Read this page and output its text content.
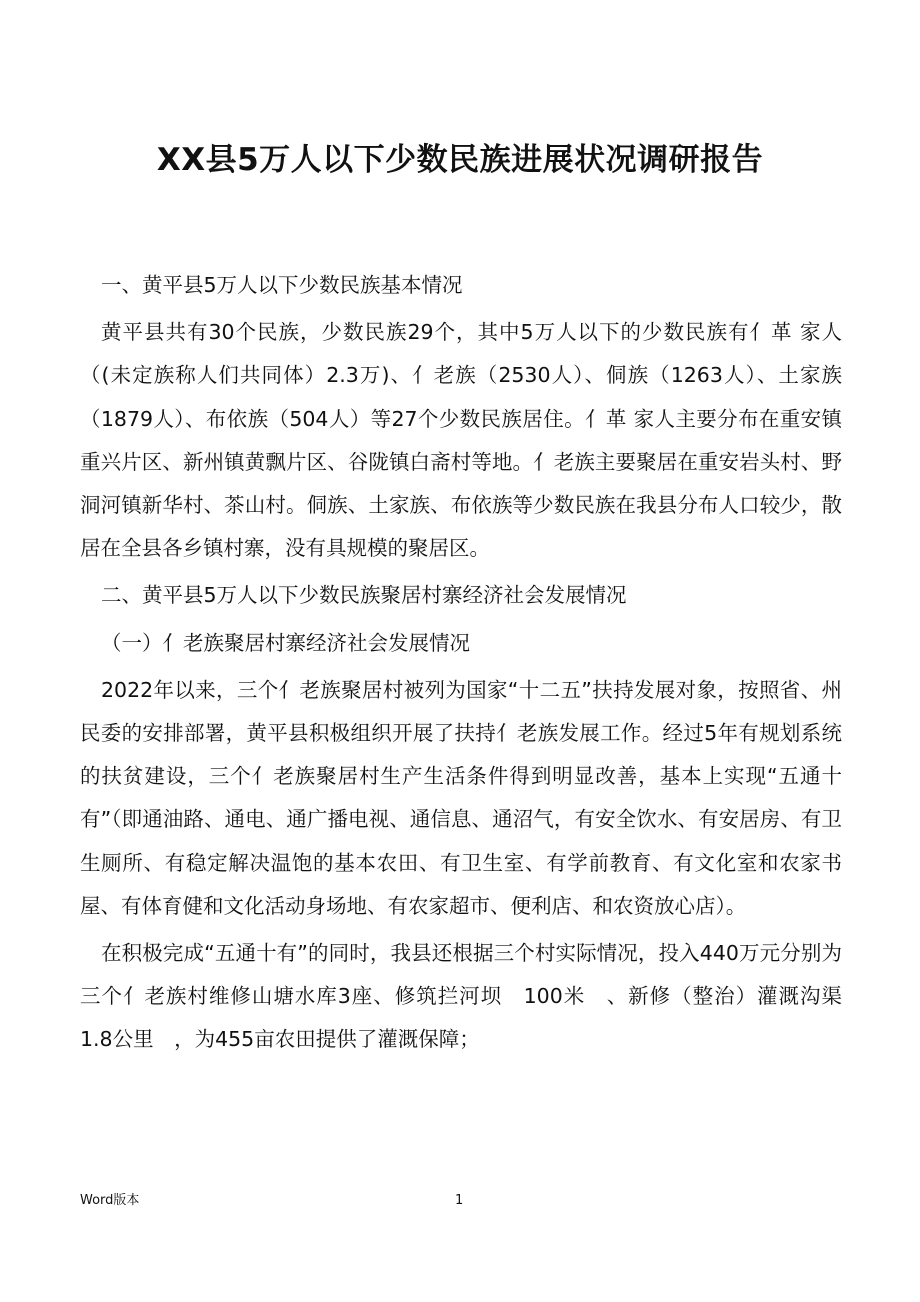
XX县5万人以下少数民族进展状况调研报告

一、黄平县5万人以下少数民族基本情况

黄平县共有30个民族，少数民族29个，其中5万人以下的少数民族有亻革 家人（(未定族称人们共同体）2.3万)、亻老族（2530人）、侗族（1263人）、土家族（1879人）、布依族（504人）等27个少数民族居住。亻革 家人主要分布在重安镇重兴片区、新州镇黄飘片区、谷陇镇白斋村等地。亻老族主要聚居在重安岩头村、野洞河镇新华村、茶山村。侗族、土家族、布依族等少数民族在我县分布人口较少，散居在全县各乡镇村寨，没有具规模的聚居区。

二、黄平县5万人以下少数民族聚居村寨经济社会发展情况

（一）亻老族聚居村寨经济社会发展情况

2022年以来，三个亻老族聚居村被列为国家“十二五”扶持发展对象，按照省、州民委的安排部署，黄平县积极组织开展了扶持亻老族发展工作。经过5年有规划系统的扶贫建设，三个亻老族聚居村生产生活条件得到明显改善，基本上实现“五通十有”（即通油路、通电、通广播电视、通信息、通沼气，有安全饮水、有安居房、有卫生厕所、有稳定解决温饱的基本农田、有卫生室、有学前教育、有文化室和农家书屋、有体育健和文化活动身场地、有农家超市、便利店、和农资放心店）。

在积极完成“五通十有”的同时，我县还根据三个村实际情况，投入440万元分别为三个亻老族村维修山塘水库3座、修筑拦河坝　100米　、新修（整治）灌溉沟渠　1.8公里　，为455亩农田提供了灌溉保障；

Word版本	1
